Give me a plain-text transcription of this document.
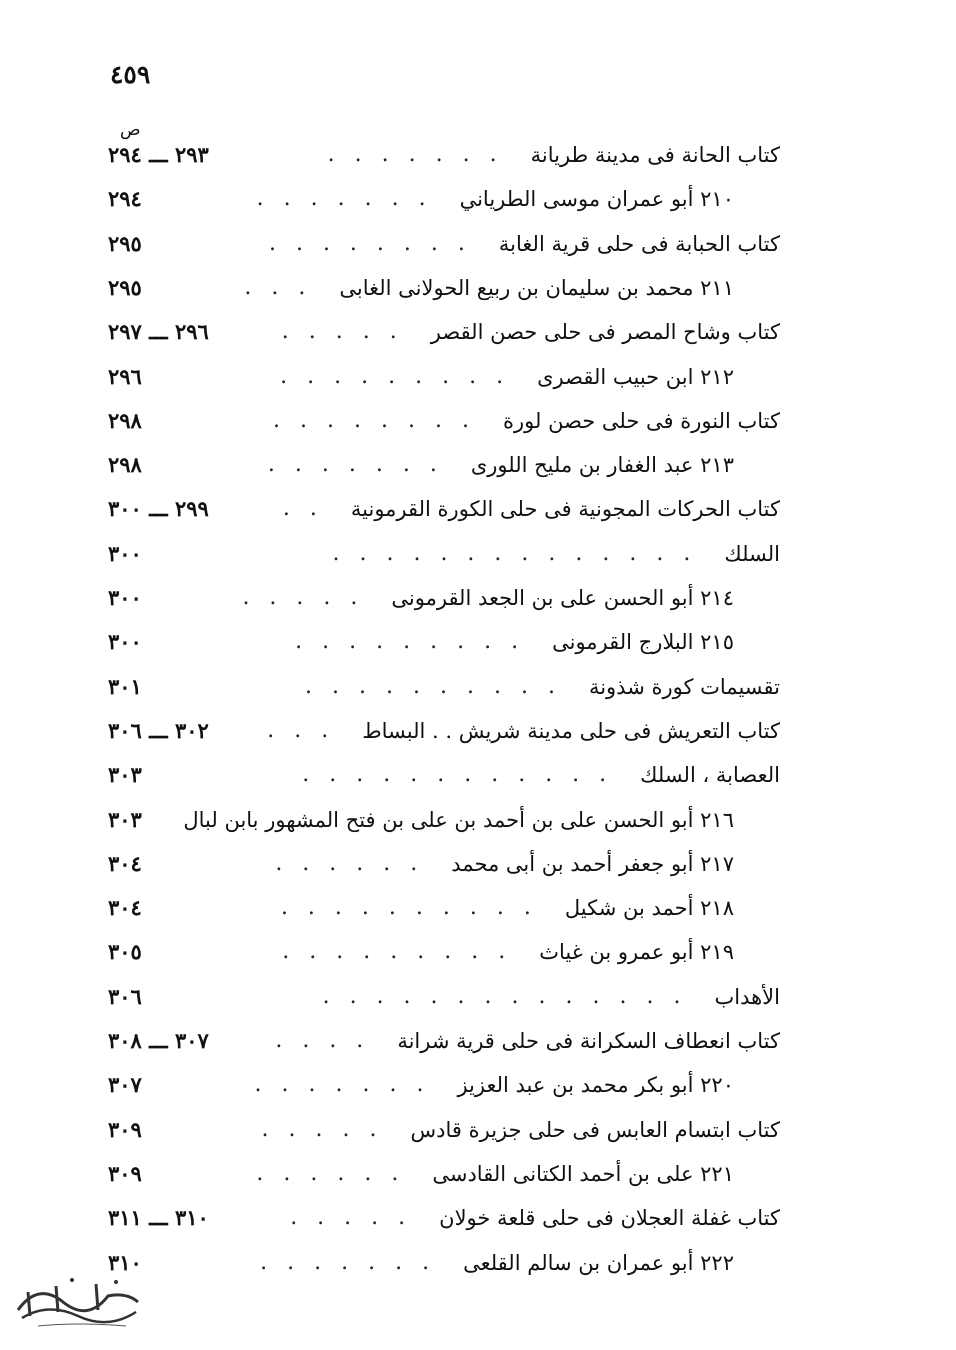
٤٥٩
ص
كتاب الحانة فى مدينة طريانة
.......
٢٩٣ ـــ ٢٩٤
٢١٠ أبو عمران موسى الطرياني
.......
٢٩٤
كتاب الحبابة فى حلى قرية الغابة
........
٢٩٥
٢١١ محمد بن سليمان بن ربيع الحولانى الغابى
...
٢٩٥
كتاب وشاح المصر فى حلى حصن القصر
.....
٢٩٦ ـــ ٢٩٧
٢١٢ ابن حبيب القصرى
.........
٢٩٦
كتاب النورة فى حلى حصن لورة
........
٢٩٨
٢١٣ عبد الغفار بن مليح اللورى
.......
٢٩٨
كتاب الحركات المجونية فى حلى الكورة القرمونية
..
٢٩٩ ـــ ٣٠٠
السلك
..............
٣٠٠
٢١٤ أبو الحسن على بن الجعد القرمونى
.....
٣٠٠
٢١٥ البلارج القرمونى
.........
٣٠٠
تقسيمات كورة شذونة
..........
٣٠١
كتاب التعريش فى حلى مدينة شريش . . البساط
...
٣٠٢ ـــ ٣٠٦
العصابة ، السلك
............
٣٠٣
٢١٦ أبو الحسن على بن أحمد بن على بن فتح المشهور بابن لبال
٣٠٣
٢١٧ أبو جعفر أحمد بن أبى محمد
......
٣٠٤
٢١٨ أحمد بن شكيل
..........
٣٠٤
٢١٩ أبو عمرو بن غياث
.........
٣٠٥
الأهداب
..............
٣٠٦
كتاب انعطاف السكرانة فى حلى قرية شرانة
....
٣٠٧ ـــ ٣٠٨
٢٢٠ أبو بكر محمد بن عبد العزيز
.......
٣٠٧
كتاب ابتسام العابس فى حلى جزيرة قادس
.....
٣٠٩
٢٢١ على بن أحمد الكتانى القادسى
......
٣٠٩
كتاب غفلة العجلان فى حلى قلعة خولان
.....
٣١٠ ـــ ٣١١
٢٢٢ أبو عمران بن سالم القلعى
.......
٣١٠
